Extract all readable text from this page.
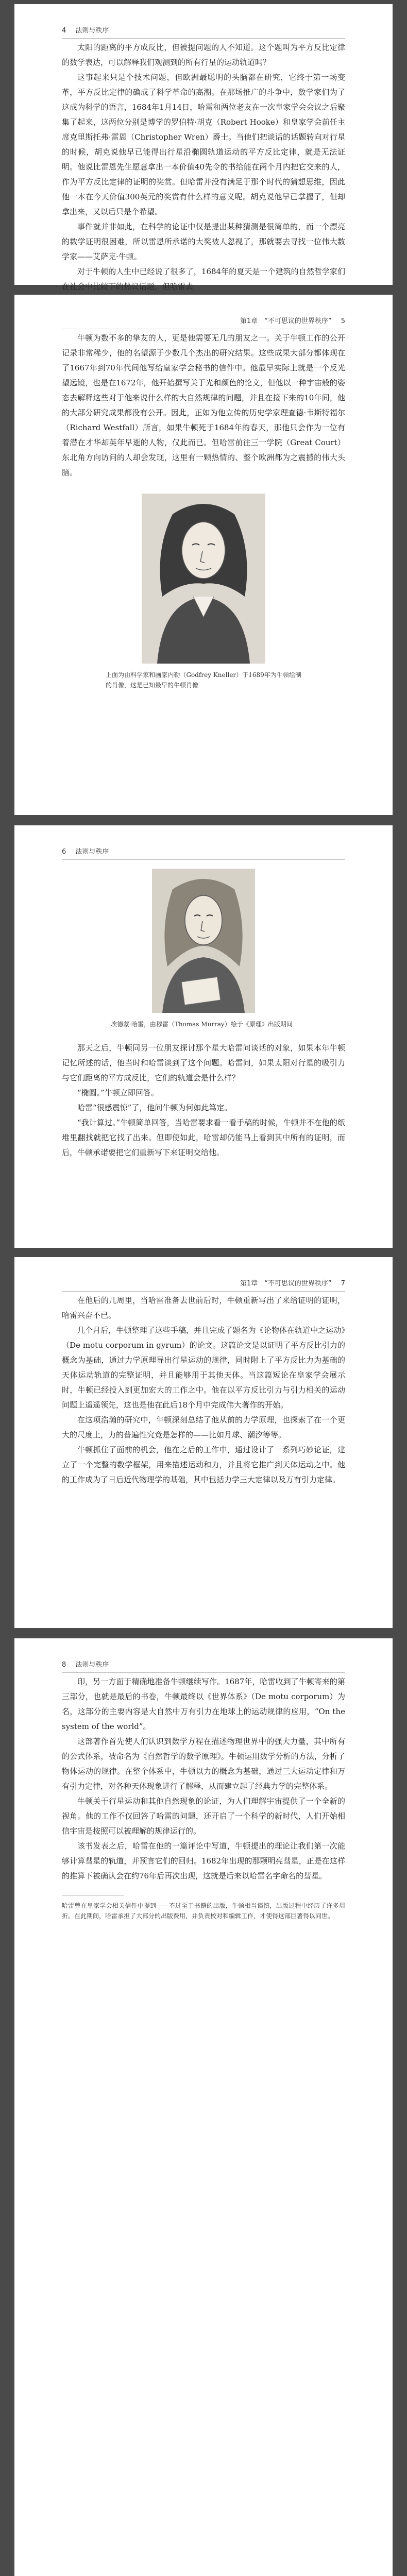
4 法则与秩序

太阳的距离的平方成反比，但被提问题的人不知道。这个题叫为平方反比定律的数学表达，可以解释我们观测到的所有行星的运动轨道吗？

这事起来只是个技术问题，但欧洲最聪明的头脑都在研究，它终于第一场变革，平方反比定律的确成了科学革命的高潮。在那场推广的斗争中，数学家们为了这成为科学的语言，1684年1月14日，哈雷和两位老友在一次皇家学会会议之后聚集了起来，这两位分别是博学的罗伯特·胡克（Robert Hooke）和皇家学会前任主席克里斯托弗·雷恩（Christopher Wren）爵士。当他们把谈话的话题转向对行星的时候，胡克说他早已能得出行星沿椭圆轨道运动的平方反比定律，就是无法证明。他说比雷恩先生愿意拿出一本价值40先令的书给能在两个月内把它交来的人，作为平方反比定律的证明的奖赏。但哈雷并没有满足于那个时代的猜想思维，因此他一本在今天价值300英元的奖赏有什么样的意义呢。胡克说他早已掌握了，但却拿出来，又以后只是个希望。

事件就并非如此，在科学的论证中仅是提出某种猜测是很简单的，而一个漂亮的数学证明很困难，所以雷恩所承诺的大奖被人忽视了，那就要去寻找一位伟大数学家——艾萨克·牛顿。

对于牛顿的人生中已经说了很多了，1684年的夏天是一个建筑的自然哲学家们在社会中比较下的热议话题，但哈雷去

第1章　“不可思议的世界秩序” 5

牛顿为数不多的挚友的人，更是他需要无几的朋友之一。关于牛顿工作的公开记录非常稀少，他的名望源于少数几个杰出的研究结果。这些成果大部分都体现在了1667年到70年代间他写给皇家学会秘书的信件中。他最早实际上就是一个反光望远镜，也是在1672年，他开始撰写关于光和颜色的论文，但他以一种宇宙般的姿态去解释这些对于他来说什么样的大自然规律的问题，并且在接下来的10年间，他的大部分研究成果都没有公开。因此，正如为他立传的历史学家理查德·韦斯特福尔（Richard Westfall）所言，如果牛顿死于1684年的春天，那他只会作为一位有着潜在才华却英年早逝的人物，仅此而已。但哈雷前往三一学院（Great Court）东北角方向访问的人却会发现，这里有一颗热情的、整个欧洲都为之震撼的伟大头脑。

上面为由科学家和画家内勒（Godfrey Kneller）于1689年为牛顿绘制的肖像，这是已知最早的牛顿肖像

6 法则与秩序

埃德蒙·哈雷，由穆雷（Thomas Murray）绘于《原理》出版期间

那天之后，牛顿同另一位朋友探讨那个星大哈雷问谈话的对象，如果本年牛顿记忆所述的话，他当时和哈雷谈到了这个问题。哈雷问，如果太阳对行星的吸引力与它们距离的平方成反比，它们的轨道会是什么样？

“椭圆。”牛顿立即回答。

哈雷“很感震惊”了，他问牛顿为何如此笃定。

“我计算过。”牛顿简单回答，当哈雷要求看一看手稿的时候，牛顿并不在他的纸堆里翻找就把它找了出来。但即使如此，哈雷却仍能马上看到其中所有的证明，而后，牛顿承诺要把它们重新写下来证明交给他。

第1章　“不可思议的世界秩序” 7

在他后的几周里，当哈雷准备去世前后时，牛顿重新写出了来给证明的证明，哈雷兴奋不已。

几个月后，牛顿整理了这些手稿，并且完成了题名为《论物体在轨道中之运动》（De motu corporum in gyrum）的论文。这篇论文是以证明了平方反比引力的概念为基础，通过力学原理导出行星运动的规律，同时附上了平方反比力为基础的天体运动轨道的完整证明，并且能够用于其他天体。当这篇短论在皇家学会展示时，牛顿已经投入到更加宏大的工作之中。他在以平方反比引力与引力相关的运动问题上遥遥领先，这也是他在此后18个月中完成伟大著作的开始。

在这项浩瀚的研究中，牛顿深刻总结了他从前的力学原理，也探索了在一个更大的尺度上，力的普遍性究竟是怎样的——比如月球、潮汐等等。

牛顿抓住了面前的机会，他在之后的工作中，通过设计了一系列巧妙论证，建立了一个完整的数学框架，用来描述运动和力，并且将它推广到天体运动之中。他的工作成为了日后近代物理学的基础，其中包括力学三大定律以及万有引力定律。

8 法则与秩序

印，另一方面于精确地准备牛顿继续写作。1687年，哈雷收到了牛顿寄来的第三部分，也就是最后的书卷，牛顿最终以《世界体系》（De motu corporum）为名，这部分的主要内容是大自然中万有引力在地球上的运动规律的应用，“On the system of the world”。

这部著作首先使人们认识到数学方程在描述物理世界中的强大力量，其中所有的公式体系，被命名为《自然哲学的数学原理》。牛顿运用数学分析的方法，分析了物体运动的规律。在整个体系中，牛顿以力的概念为基础，通过三大运动定律和万有引力定律，对各种天体现象进行了解释，从而建立起了经典力学的完整体系。

牛顿关于行星运动和其他自然现象的论证，为人们理解宇宙提供了一个全新的视角。他的工作不仅回答了哈雷的问题，还开启了一个科学的新时代，人们开始相信宇宙是按照可以被理解的规律运行的。

该书发表之后，哈雷在他的一篇评论中写道，牛顿提出的理论让我们第一次能够计算彗星的轨道，并预言它们的回归。1682年出现的那颗明亮彗星，正是在这样的推算下被确认会在约76年后再次出现，这就是后来以哈雷名字命名的彗星。

哈雷曾在皇家学会相关信件中提到——不过至于书籍的出版，牛顿相当谨慎，出版过程中经历了许多周折。在此期间，哈雷承担了大部分的出版费用，并负责校对和编辑工作，才使得这部巨著得以问世。
